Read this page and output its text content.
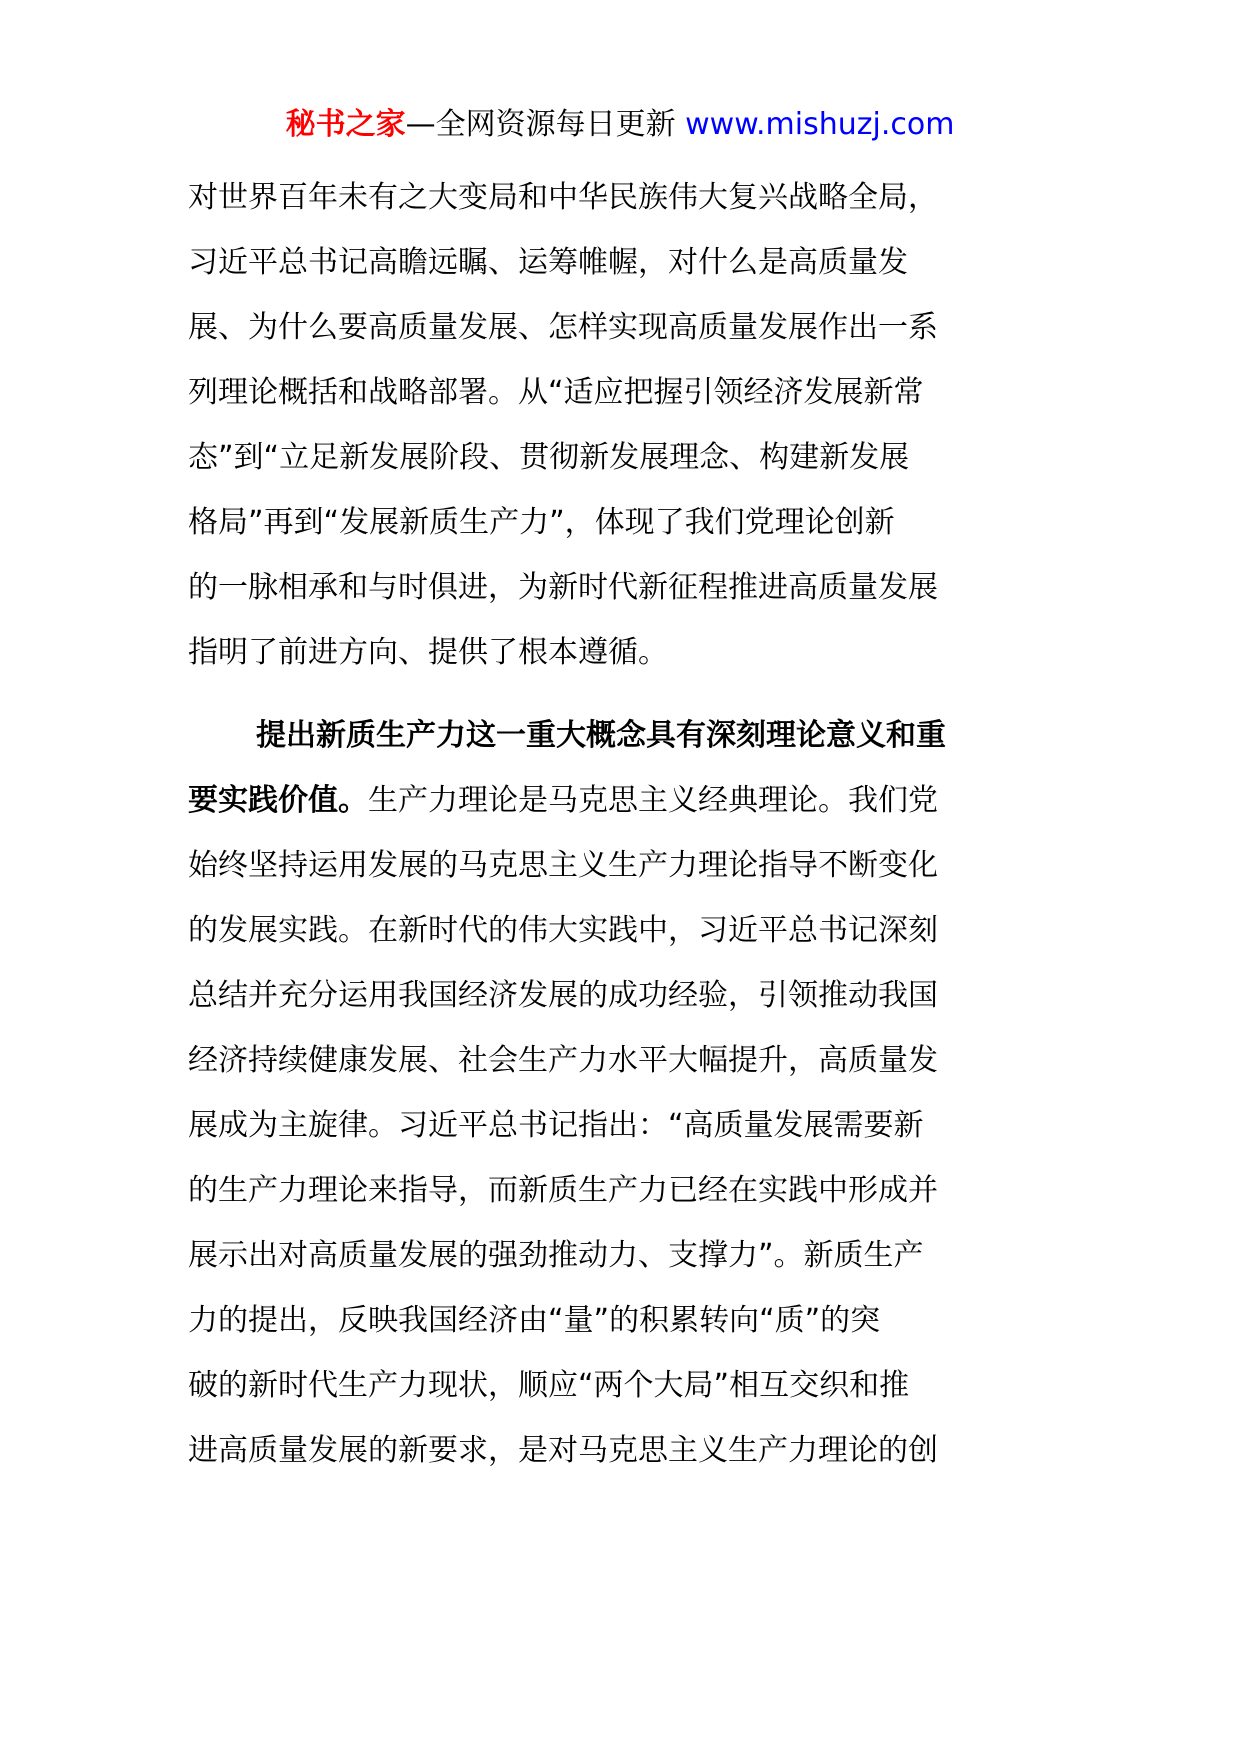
秘书之家—全网资源每日更新 www.mishuzj.com
对世界百年未有之大变局和中华民族伟大复兴战略全局，
习近平总书记高瞻远瞩、运筹帷幄，对什么是高质量发
展、为什么要高质量发展、怎样实现高质量发展作出一系
列理论概括和战略部署。从“适应把握引领经济发展新常
态”到“立足新发展阶段、贯彻新发展理念、构建新发展
格局”再到“发展新质生产力”，体现了我们党理论创新
的一脉相承和与时俱进，为新时代新征程推进高质量发展
指明了前进方向、提供了根本遵循。
提出新质生产力这一重大概念具有深刻理论意义和重
要实践价值。生产力理论是马克思主义经典理论。我们党
始终坚持运用发展的马克思主义生产力理论指导不断变化
的发展实践。在新时代的伟大实践中，习近平总书记深刻
总结并充分运用我国经济发展的成功经验，引领推动我国
经济持续健康发展、社会生产力水平大幅提升，高质量发
展成为主旋律。习近平总书记指出：“高质量发展需要新
的生产力理论来指导，而新质生产力已经在实践中形成并
展示出对高质量发展的强劲推动力、支撑力”。新质生产
力的提出，反映我国经济由“量”的积累转向“质”的突
破的新时代生产力现状，顺应“两个大局”相互交织和推
进高质量发展的新要求，是对马克思主义生产力理论的创
